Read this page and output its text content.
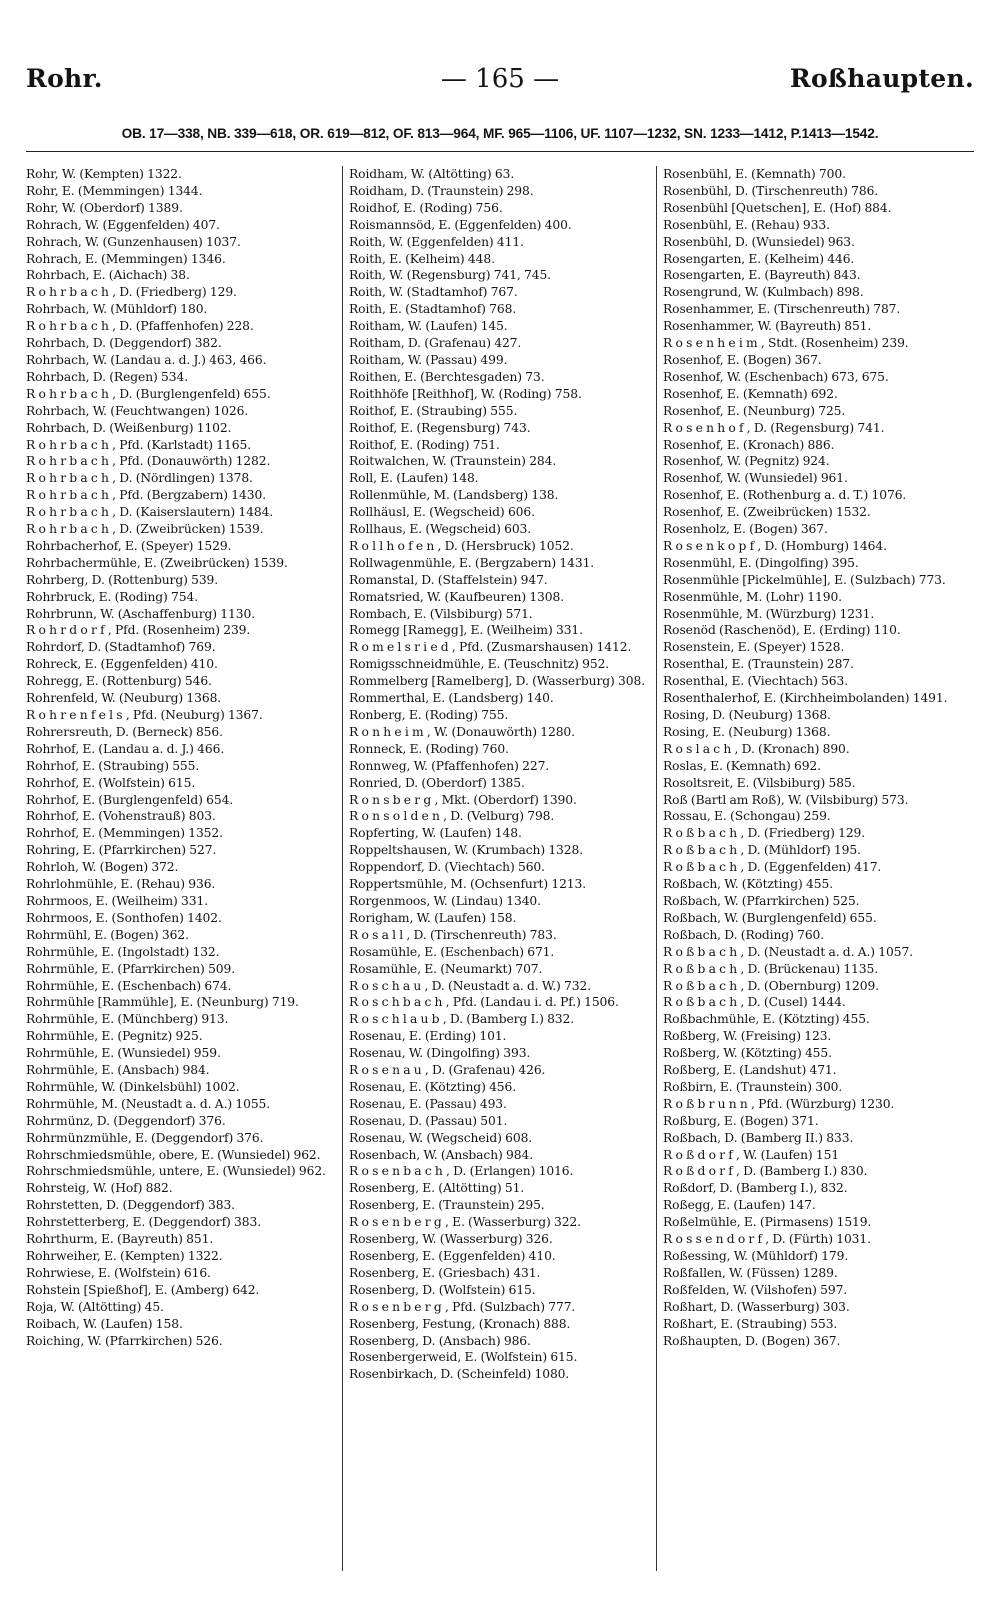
Rohr.	— 165 —	Roßhaupten.
OB. 17—338, NB. 339—618, OR. 619—812, OF. 813—964, MF. 965—1106, UF. 1107—1232, SN. 1233—1412, P.1413—1542.
Rohr, W. (Kempten) 1322.
Rohr, E. (Memmingen) 1344.
Rohr, W. (Oberdorf) 1389.
Rohrach, W. (Eggenfelden) 407.
Rohrach, W. (Gunzenhausen) 1037.
Rohrach, E. (Memmingen) 1346.
Rohrbach, E. (Aichach) 38.
R o h r b a c h , D. (Friedberg) 129.
Rohrbach, W. (Mühldorf) 180.
R o h r b a c h , D. (Pfaffenhofen) 228.
Rohrbach, D. (Deggendorf) 382.
Rohrbach, W. (Landau a. d. J.) 463, 466.
Rohrbach, D. (Regen) 534.
R o h r b a c h , D. (Burglengenfeld) 655.
Rohrbach, W. (Feuchtwangen) 1026.
Rohrbach, D. (Weißenburg) 1102.
R o h r b a c h , Pfd. (Karlstadt) 1165.
R o h r b a c h , Pfd. (Donauwörth) 1282.
R o h r b a c h , D. (Nördlingen) 1378.
R o h r b a c h , Pfd. (Bergzabern) 1430.
R o h r b a c h , D. (Kaiserslautern) 1484.
R o h r b a c h , D. (Zweibrücken) 1539.
Rohrbacherhof, E. (Speyer) 1529.
Rohrbachermühle, E. (Zweibrücken) 1539.
Rohrberg, D. (Rottenburg) 539.
Rohrbruck, E. (Roding) 754.
Rohrbrunn, W. (Aschaffenburg) 1130.
R o h r d o r f , Pfd. (Rosenheim) 239.
Rohrdorf, D. (Stadtamhof) 769.
Rohreck, E. (Eggenfelden) 410.
Rohregg, E. (Rottenburg) 546.
Rohrenfeld, W. (Neuburg) 1368.
R o h r e n f e l s , Pfd. (Neuburg) 1367.
Rohrersreuth, D. (Berneck) 856.
Rohrhof, E. (Landau a. d. J.) 466.
Rohrhof, E. (Straubing) 555.
Rohrhof, E. (Wolfstein) 615.
Rohrhof, E. (Burglengenfeld) 654.
Rohrhof, E. (Vohenstrauß) 803.
Rohrhof, E. (Memmingen) 1352.
Rohring, E. (Pfarrkirchen) 527.
Rohrloh, W. (Bogen) 372.
Rohrlohmühle, E. (Rehau) 936.
Rohrmoos, E. (Weilheim) 331.
Rohrmoos, E. (Sonthofen) 1402.
Rohrmühl, E. (Bogen) 362.
Rohrmühle, E. (Ingolstadt) 132.
Rohrmühle, E. (Pfarrkirchen) 509.
Rohrmühle, E. (Eschenbach) 674.
Rohrmühle [Rammühle], E. (Neunburg) 719.
Rohrmühle, E. (Münchberg) 913.
Rohrmühle, E. (Pegnitz) 925.
Rohrmühle, E. (Wunsiedel) 959.
Rohrmühle, E. (Ansbach) 984.
Rohrmühle, W. (Dinkelsbühl) 1002.
Rohrmühle, M. (Neustadt a. d. A.) 1055.
Rohrmünz, D. (Deggendorf) 376.
Rohrmünzmühle, E. (Deggendorf) 376.
Rohrschmiedsmühle, obere, E. (Wunsiedel) 962.
Rohrschmiedsmühle, untere, E. (Wunsiedel) 962.
Rohrsteig, W. (Hof) 882.
Rohrstetten, D. (Deggendorf) 383.
Rohrstetterberg, E. (Deggendorf) 383.
Rohrthurm, E. (Bayreuth) 851.
Rohrweiher, E. (Kempten) 1322.
Rohrwiese, E. (Wolfstein) 616.
Rohstein [Spießhof], E. (Amberg) 642.
Roja, W. (Altötting) 45.
Roibach, W. (Laufen) 158.
Roiching, W. (Pfarrkirchen) 526.
Roidham, W. (Altötting) 63.
Roidham, D. (Traunstein) 298.
Roidhof, E. (Roding) 756.
Roismannsöd, E. (Eggenfelden) 400.
Roith, W. (Eggenfelden) 411.
Roith, E. (Kelheim) 448.
Roith, W. (Regensburg) 741, 745.
Roith, W. (Stadtamhof) 767.
Roith, E. (Stadtamhof) 768.
Roitham, W. (Laufen) 145.
Roitham, D. (Grafenau) 427.
Roitham, W. (Passau) 499.
Roithen, E. (Berchtesgaden) 73.
Roithhöfe [Reithhof], W. (Roding) 758.
Roithof, E. (Straubing) 555.
Roithof, E. (Regensburg) 743.
Roithof, E. (Roding) 751.
Roitwalchen, W. (Traunstein) 284.
Roll, E. (Laufen) 148.
Rollenmühle, M. (Landsberg) 138.
Rollhäusl, E. (Wegscheid) 606.
Rollhaus, E. (Wegscheid) 603.
R o l l h o f e n , D. (Hersbruck) 1052.
Rollwagenmühle, E. (Bergzabern) 1431.
Romanstal, D. (Staffelstein) 947.
Romatsried, W. (Kaufbeuren) 1308.
Rombach, E. (Vilsbiburg) 571.
Romegg [Ramegg], E. (Weilheim) 331.
R o m e l s r i e d , Pfd. (Zusmarshausen) 1412.
Romigsschneidmühle, E. (Teuschnitz) 952.
Rommelberg [Ramelberg], D. (Wasserburg) 308.
Rommerthal, E. (Landsberg) 140.
Ronberg, E. (Roding) 755.
R o n h e i m , W. (Donauwörth) 1280.
Ronneck, E. (Roding) 760.
Ronnweg, W. (Pfaffenhofen) 227.
Ronried, D. (Oberdorf) 1385.
R o n s b e r g , Mkt. (Oberdorf) 1390.
R o n s o l d e n , D. (Velburg) 798.
Ropferting, W. (Laufen) 148.
Roppeltshausen, W. (Krumbach) 1328.
Roppendorf, D. (Viechtach) 560.
Roppertsmühle, M. (Ochsenfurt) 1213.
Rorgenmoos, W. (Lindau) 1340.
Rorigham, W. (Laufen) 158.
R o s a l l , D. (Tirschenreuth) 783.
Rosamühle, E. (Eschenbach) 671.
Rosamühle, E. (Neumarkt) 707.
R o s c h a u , D. (Neustadt a. d. W.) 732.
R o s c h b a c h , Pfd. (Landau i. d. Pf.) 1506.
R o s c h l a u b , D. (Bamberg I.) 832.
Rosenau, E. (Erding) 101.
Rosenau, W. (Dingolfing) 393.
R o s e n a u , D. (Grafenau) 426.
Rosenau, E. (Kötzting) 456.
Rosenau, E. (Passau) 493.
Rosenau, D. (Passau) 501.
Rosenau, W. (Wegscheid) 608.
Rosenbach, W. (Ansbach) 984.
R o s e n b a c h , D. (Erlangen) 1016.
Rosenberg, E. (Altötting) 51.
Rosenberg, E. (Traunstein) 295.
R o s e n b e r g , E. (Wasserburg) 322.
Rosenberg, W. (Wasserburg) 326.
Rosenberg, E. (Eggenfelden) 410.
Rosenberg, E. (Griesbach) 431.
Rosenberg, D. (Wolfstein) 615.
R o s e n b e r g , Pfd. (Sulzbach) 777.
Rosenberg, Festung, (Kronach) 888.
Rosenberg, D. (Ansbach) 986.
Rosenbergerweid, E. (Wolfstein) 615.
Rosenbirkach, D. (Scheinfeld) 1080.
Rosenbühl, E. (Kemnath) 700.
Rosenbühl, D. (Tirschenreuth) 786.
Rosenbühl [Quetschen], E. (Hof) 884.
Rosenbühl, E. (Rehau) 933.
Rosenbühl, D. (Wunsiedel) 963.
Rosengarten, E. (Kelheim) 446.
Rosengarten, E. (Bayreuth) 843.
Rosengrund, W. (Kulmbach) 898.
Rosenhammer, E. (Tirschenreuth) 787.
Rosenhammer, W. (Bayreuth) 851.
R o s e n h e i m , Stdt. (Rosenheim) 239.
Rosenhof, E. (Bogen) 367.
Rosenhof, W. (Eschenbach) 673, 675.
Rosenhof, E. (Kemnath) 692.
Rosenhof, E. (Neunburg) 725.
R o s e n h o f , D. (Regensburg) 741.
Rosenhof, E. (Kronach) 886.
Rosenhof, W. (Pegnitz) 924.
Rosenhof, W. (Wunsiedel) 961.
Rosenhof, E. (Rothenburg a. d. T.) 1076.
Rosenhof, E. (Zweibrücken) 1532.
Rosenholz, E. (Bogen) 367.
R o s e n k o p f , D. (Homburg) 1464.
Rosenmühl, E. (Dingolfing) 395.
Rosenmühle [Pickelmühle], E. (Sulzbach) 773.
Rosenmühle, M. (Lohr) 1190.
Rosenmühle, M. (Würzburg) 1231.
Rosenöd (Raschenöd), E. (Erding) 110.
Rosenstein, E. (Speyer) 1528.
Rosenthal, E. (Traunstein) 287.
Rosenthal, E. (Viechtach) 563.
Rosenthalerhof, E. (Kirchheimbolanden) 1491.
Rosing, D. (Neuburg) 1368.
Rosing, E. (Neuburg) 1368.
R o s l a c h , D. (Kronach) 890.
Roslas, E. (Kemnath) 692.
Rosoltsreit, E. (Vilsbiburg) 585.
Roß (Bartl am Roß), W. (Vilsbiburg) 573.
Rossau, E. (Schongau) 259.
R o ß b a c h , D. (Friedberg) 129.
R o ß b a c h , D. (Mühldorf) 195.
R o ß b a c h , D. (Eggenfelden) 417.
Roßbach, W. (Kötzting) 455.
Roßbach, W. (Pfarrkirchen) 525.
Roßbach, W. (Burglengenfeld) 655.
Roßbach, D. (Roding) 760.
R o ß b a c h , D. (Neustadt a. d. A.) 1057.
R o ß b a c h , D. (Brückenau) 1135.
R o ß b a c h , D. (Obernburg) 1209.
R o ß b a c h , D. (Cusel) 1444.
Roßbachmühle, E. (Kötzting) 455.
Roßberg, W. (Freising) 123.
Roßberg, W. (Kötzting) 455.
Roßberg, E. (Landshut) 471.
Roßbirn, E. (Traunstein) 300.
R o ß b r u n n , Pfd. (Würzburg) 1230.
Roßburg, E. (Bogen) 371.
Roßbach, D. (Bamberg II.) 833.
R o ß d o r f , W. (Laufen) 151
R o ß d o r f , D. (Bamberg I.) 830.
Roßdorf, D. (Bamberg I.), 832.
Roßegg, E. (Laufen) 147.
Roßelmühle, E. (Pirmasens) 1519.
R o s s e n d o r f , D. (Fürth) 1031.
Roßessing, W. (Mühldorf) 179.
Roßfallen, W. (Füssen) 1289.
Roßfelden, W. (Vilshofen) 597.
Roßhart, D. (Wasserburg) 303.
Roßhart, E. (Straubing) 553.
Roßhaupten, D. (Bogen) 367.
